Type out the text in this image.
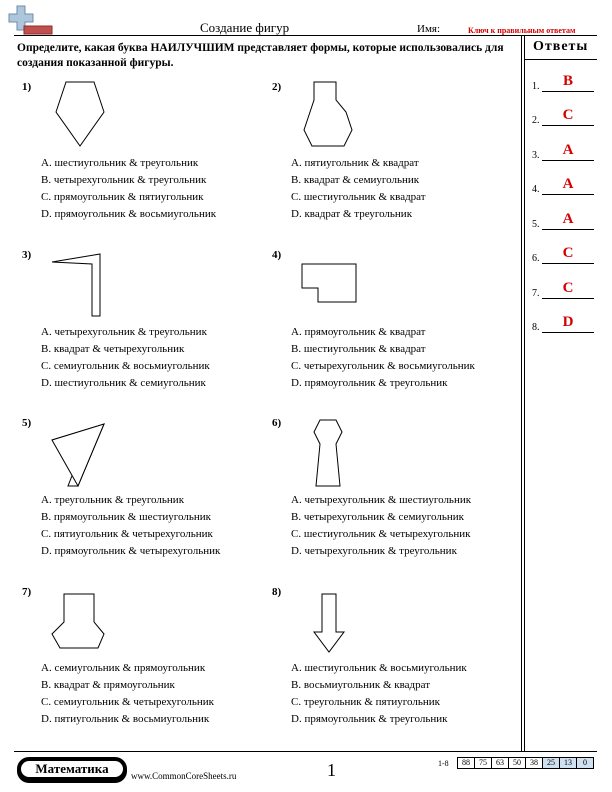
Создание фигур	Имя:	Ключ к правильным ответам
Определите, какая буква НАИЛУЧШИМ представляет формы, которые использовались для создания показанной фигуры.
Ответы
1.	B
2.	C
3.	A
4.	A
5.	A
6.	C
7.	C
8.	D
1)
A. шестиугольник & треугольник
B. четырехугольник & треугольник
C. прямоугольник & пятиугольник
D. прямоугольник & восьмиугольник
2)
A. пятиугольник & квадрат
B. квадрат & семиугольник
C. шестиугольник & квадрат
D. квадрат & треугольник
3)
A. четырехугольник & треугольник
B. квадрат & четырехугольник
C. семиугольник & восьмиугольник
D. шестиугольник & семиугольник
4)
A. прямоугольник & квадрат
B. шестиугольник & квадрат
C. четырехугольник & восьмиугольник
D. прямоугольник & треугольник
5)
A. треугольник & треугольник
B. прямоугольник & шестиугольник
C. пятиугольник & четырехугольник
D. прямоугольник & четырехугольник
6)
A. четырехугольник & шестиугольник
B. четырехугольник & семиугольник
C. шестиугольник & четырехугольник
D. четырехугольник & треугольник
7)
A. семиугольник & прямоугольник
B. квадрат & прямоугольник
C. семиугольник & четырехугольник
D. пятиугольник & восьмиугольник
8)
A. шестиугольник & восьмиугольник
B. восьмиугольник & квадрат
C. треугольник & пятиугольник
D. прямоугольник & треугольник
Математика	www.CommonCoreSheets.ru	1	1-8	88	75	63	50	38	25	13	0
